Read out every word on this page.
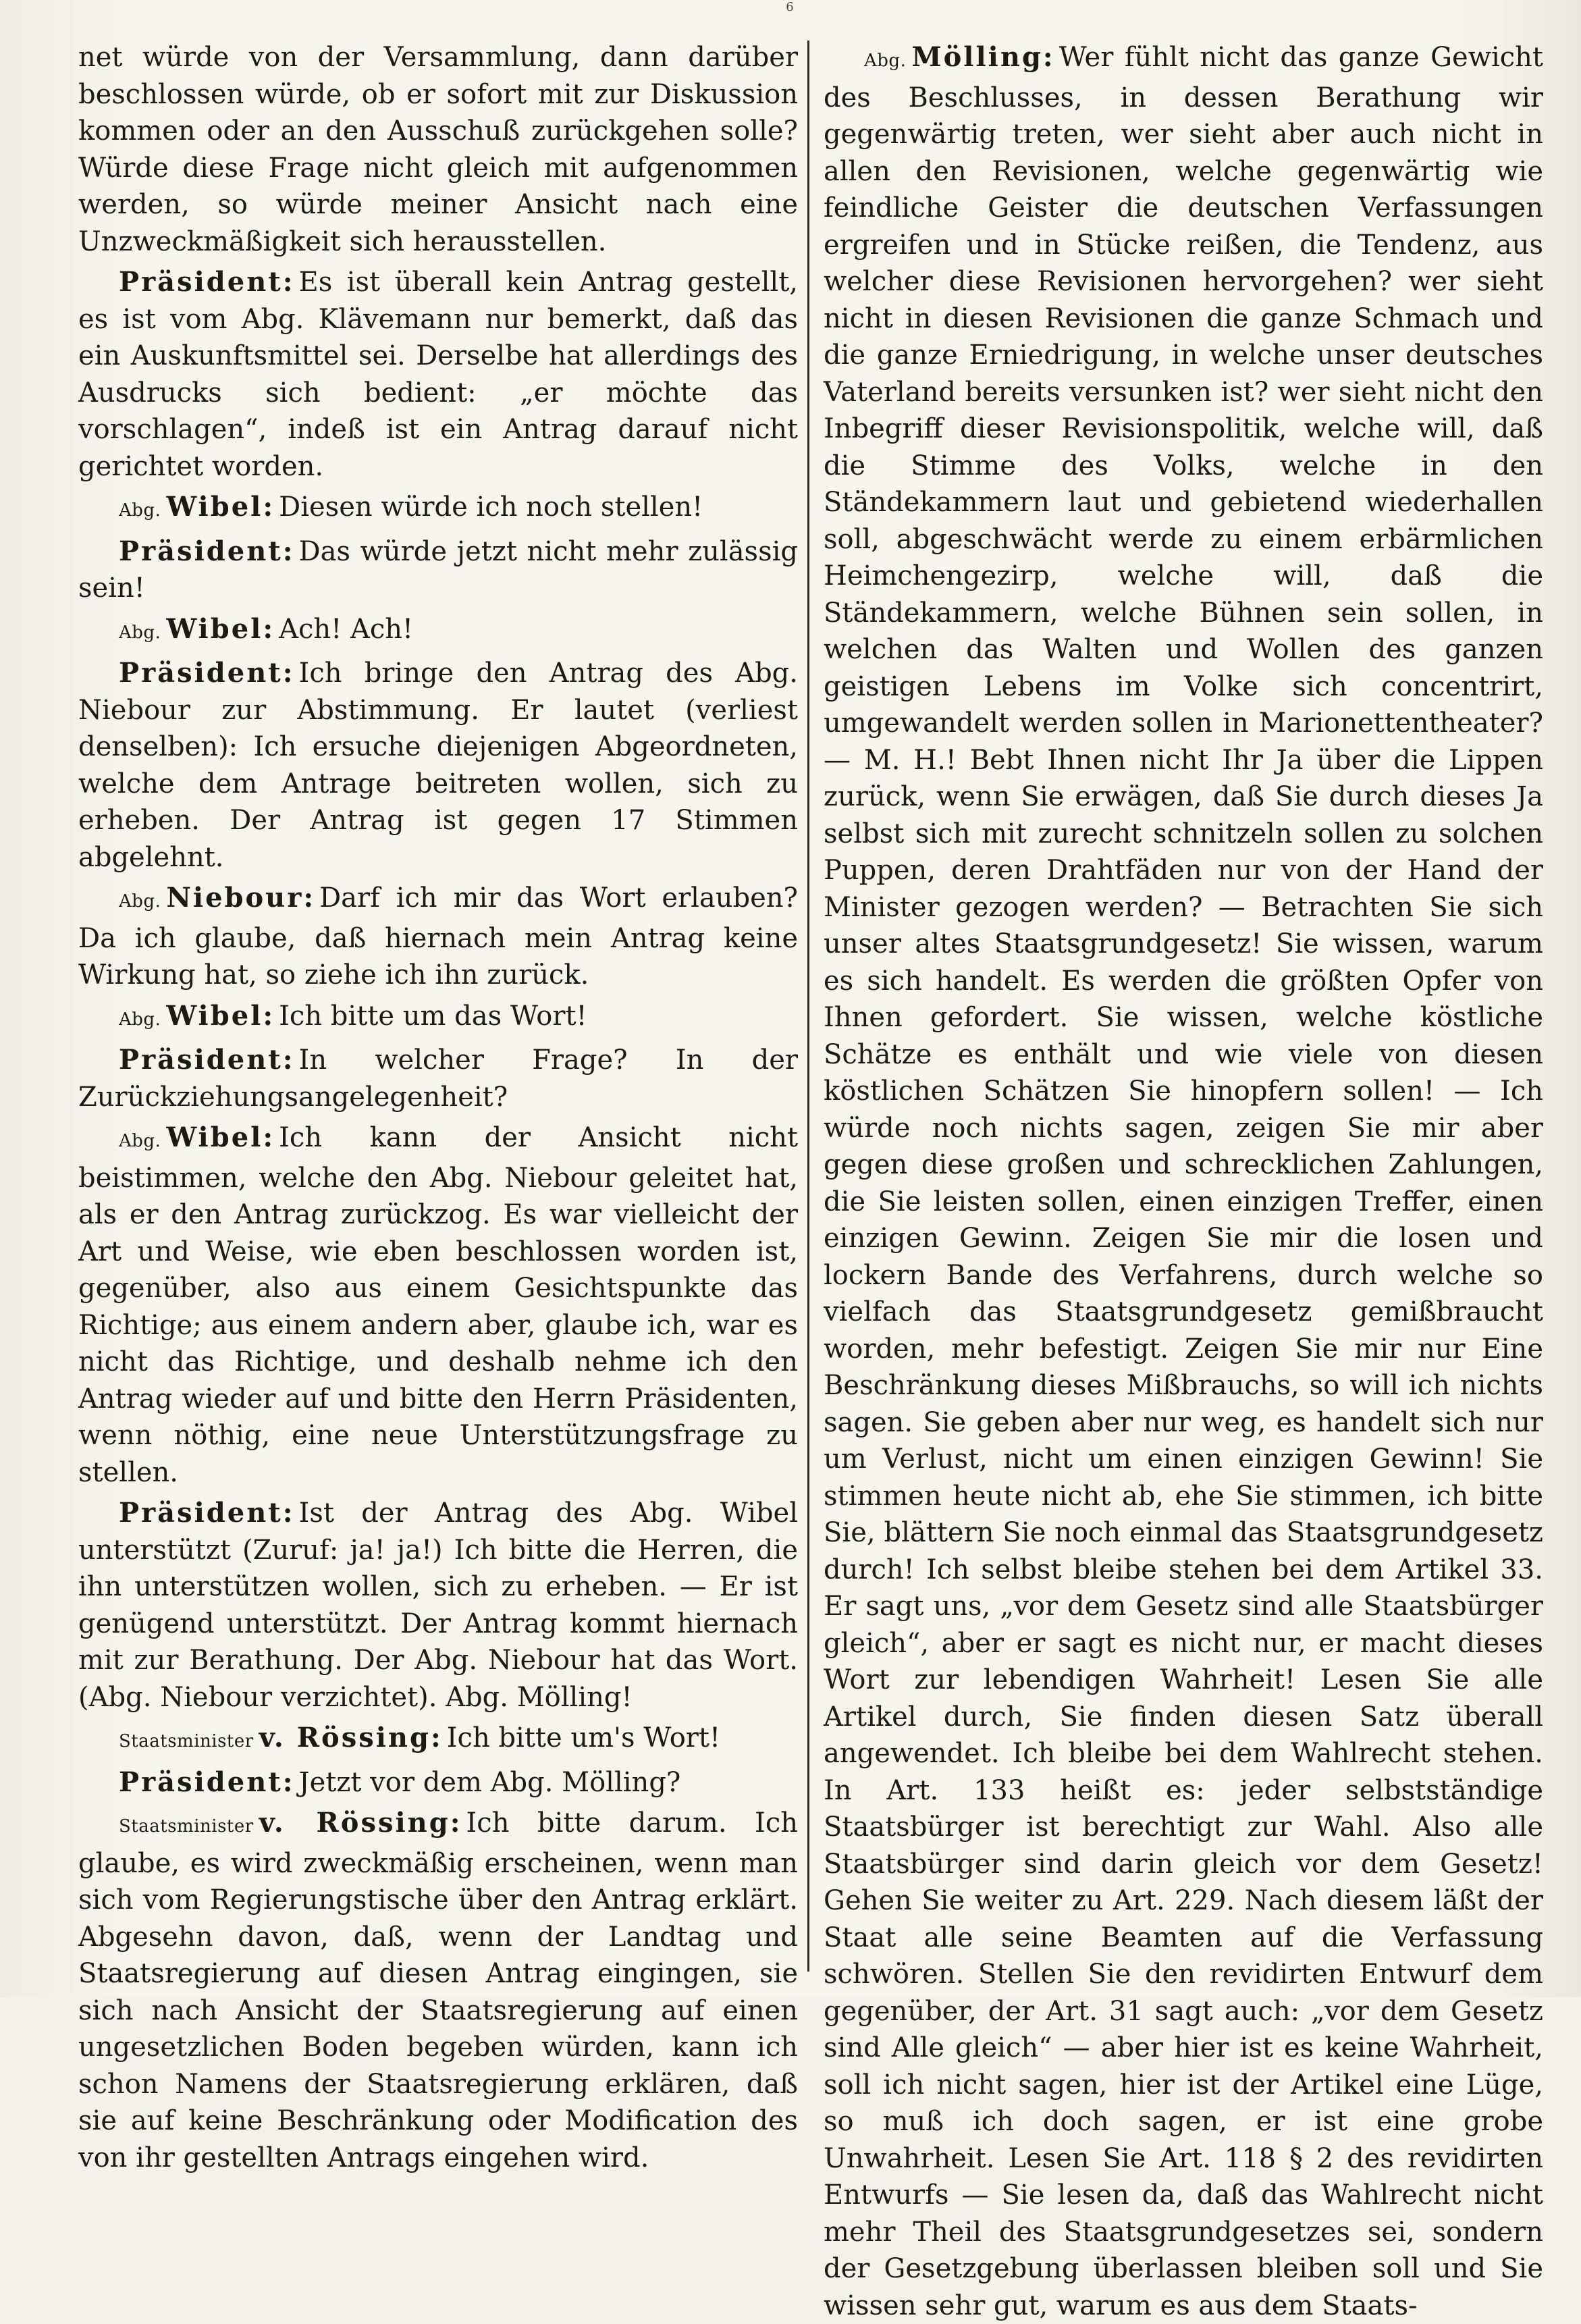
6

net würde von der Versammlung, dann darüber beschlossen würde, ob er sofort mit zur Diskussion kommen oder an den Ausschuß zurückgehen solle? Würde diese Frage nicht gleich mit aufgenommen werden, so würde meiner Ansicht nach eine Unzweckmäßigkeit sich herausstellen.

Präsident: Es ist überall kein Antrag gestellt, es ist vom Abg. Klävemann nur bemerkt, daß das ein Auskunftsmittel sei. Derselbe hat allerdings des Ausdrucks sich bedient: „er möchte das vorschlagen“, indeß ist ein Antrag darauf nicht gerichtet worden.

Abg. Wibel: Diesen würde ich noch stellen!

Präsident: Das würde jetzt nicht mehr zulässig sein!

Abg. Wibel: Ach! Ach!

Präsident: Ich bringe den Antrag des Abg. Niebour zur Abstimmung. Er lautet (verliest denselben): Ich ersuche diejenigen Abgeordneten, welche dem Antrage beitreten wollen, sich zu erheben. Der Antrag ist gegen 17 Stimmen abgelehnt.

Abg. Niebour: Darf ich mir das Wort erlauben? Da ich glaube, daß hiernach mein Antrag keine Wirkung hat, so ziehe ich ihn zurück.

Abg. Wibel: Ich bitte um das Wort!

Präsident: In welcher Frage? In der Zurückziehungsangelegenheit?

Abg. Wibel: Ich kann der Ansicht nicht beistimmen, welche den Abg. Niebour geleitet hat, als er den Antrag zurückzog. Es war vielleicht der Art und Weise, wie eben beschlossen worden ist, gegenüber, also aus einem Gesichtspunkte das Richtige; aus einem andern aber, glaube ich, war es nicht das Richtige, und deshalb nehme ich den Antrag wieder auf und bitte den Herrn Präsidenten, wenn nöthig, eine neue Unterstützungsfrage zu stellen.

Präsident: Ist der Antrag des Abg. Wibel unterstützt (Zuruf: ja! ja!) Ich bitte die Herren, die ihn unterstützen wollen, sich zu erheben. — Er ist genügend unterstützt. Der Antrag kommt hiernach mit zur Berathung. Der Abg. Niebour hat das Wort. (Abg. Niebour verzichtet). Abg. Mölling!

Staatsminister v. Rössing: Ich bitte um's Wort!

Präsident: Jetzt vor dem Abg. Mölling?

Staatsminister v. Rössing: Ich bitte darum. Ich glaube, es wird zweckmäßig erscheinen, wenn man sich vom Regierungstische über den Antrag erklärt. Abgesehn davon, daß, wenn der Landtag und Staatsregierung auf diesen Antrag eingingen, sie sich nach Ansicht der Staatsregierung auf einen ungesetzlichen Boden begeben würden, kann ich schon Namens der Staatsregierung erklären, daß sie auf keine Beschränkung oder Modification des von ihr gestellten Antrags eingehen wird.

Abg. Mölling: Wer fühlt nicht das ganze Gewicht des Beschlusses, in dessen Berathung wir gegenwärtig treten, wer sieht aber auch nicht in allen den Revisionen, welche gegenwärtig wie feindliche Geister die deutschen Verfassungen ergreifen und in Stücke reißen, die Tendenz, aus welcher diese Revisionen hervorgehen? wer sieht nicht in diesen Revisionen die ganze Schmach und die ganze Erniedrigung, in welche unser deutsches Vaterland bereits versunken ist? wer sieht nicht den Inbegriff dieser Revisionspolitik, welche will, daß die Stimme des Volks, welche in den Ständekammern laut und gebietend wiederhallen soll, abgeschwächt werde zu einem erbärmlichen Heimchengezirp, welche will, daß die Ständekammern, welche Bühnen sein sollen, in welchen das Walten und Wollen des ganzen geistigen Lebens im Volke sich concentrirt, umgewandelt werden sollen in Marionettentheater? — M. H.! Bebt Ihnen nicht Ihr Ja über die Lippen zurück, wenn Sie erwägen, daß Sie durch dieses Ja selbst sich mit zurecht schnitzeln sollen zu solchen Puppen, deren Drahtfäden nur von der Hand der Minister gezogen werden? — Betrachten Sie sich unser altes Staatsgrundgesetz! Sie wissen, warum es sich handelt. Es werden die größten Opfer von Ihnen gefordert. Sie wissen, welche köstliche Schätze es enthält und wie viele von diesen köstlichen Schätzen Sie hinopfern sollen! — Ich würde noch nichts sagen, zeigen Sie mir aber gegen diese großen und schrecklichen Zahlungen, die Sie leisten sollen, einen einzigen Treffer, einen einzigen Gewinn. Zeigen Sie mir die losen und lockern Bande des Verfahrens, durch welche so vielfach das Staatsgrundgesetz gemißbraucht worden, mehr befestigt. Zeigen Sie mir nur Eine Beschränkung dieses Mißbrauchs, so will ich nichts sagen. Sie geben aber nur weg, es handelt sich nur um Verlust, nicht um einen einzigen Gewinn! Sie stimmen heute nicht ab, ehe Sie stimmen, ich bitte Sie, blättern Sie noch einmal das Staatsgrundgesetz durch! Ich selbst bleibe stehen bei dem Artikel 33. Er sagt uns, „vor dem Gesetz sind alle Staatsbürger gleich“, aber er sagt es nicht nur, er macht dieses Wort zur lebendigen Wahrheit! Lesen Sie alle Artikel durch, Sie finden diesen Satz überall angewendet. Ich bleibe bei dem Wahlrecht stehen. In Art. 133 heißt es: jeder selbstständige Staatsbürger ist berechtigt zur Wahl. Also alle Staatsbürger sind darin gleich vor dem Gesetz! Gehen Sie weiter zu Art. 229. Nach diesem läßt der Staat alle seine Beamten auf die Verfassung schwören. Stellen Sie den revidirten Entwurf dem gegenüber, der Art. 31 sagt auch: „vor dem Gesetz sind Alle gleich“ — aber hier ist es keine Wahrheit, soll ich nicht sagen, hier ist der Artikel eine Lüge, so muß ich doch sagen, er ist eine grobe Unwahrheit. Lesen Sie Art. 118 § 2 des revidirten Entwurfs — Sie lesen da, daß das Wahlrecht nicht mehr Theil des Staatsgrundgesetzes sei, sondern der Gesetzgebung überlassen bleiben soll und Sie wissen sehr gut, warum es aus dem Staats-
